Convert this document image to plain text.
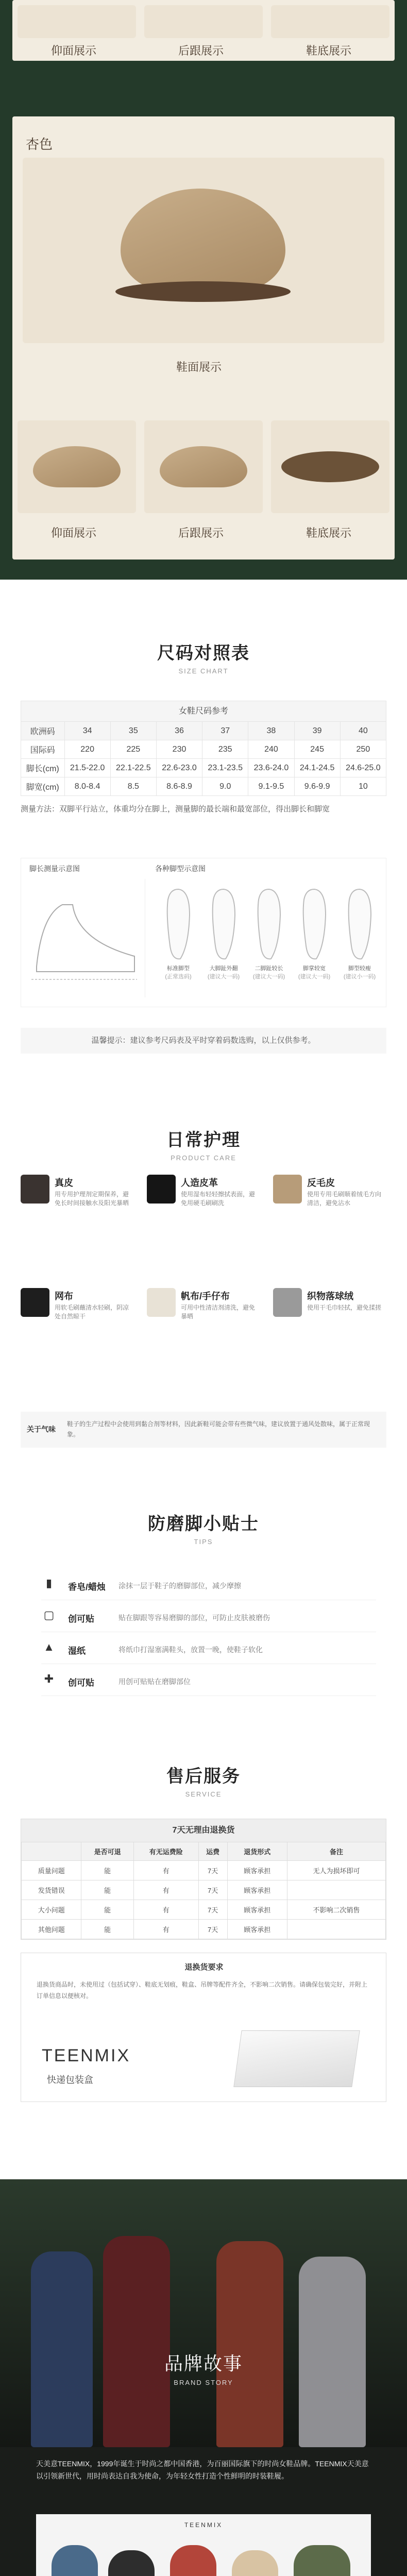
仰面展示	后跟展示	鞋底展示
杏色
鞋面展示
仰面展示	后跟展示	鞋底展示
尺码对照表
SIZE CHART
女鞋尺码参考
欧洲码	34	35	36	37	38	39	40
国际码	220	225	230	235	240	245	250
脚长(cm)	21.5-22.0	22.1-22.5	22.6-23.0	23.1-23.5	23.6-24.0	24.1-24.5	24.6-25.0
脚宽(cm)	8.0-8.4	8.5	8.6-8.9	9.0	9.1-9.5	9.6-9.9	10
测量方法：双脚平行站立，体重均分在脚上，测量脚的最长端和最宽部位，得出脚长和脚宽
脚长测量示意图	各种脚型示意图
标准脚型
(正常选码)
大脚趾外翻
(建议大一码)
二脚趾较长
(建议大一码)
脚掌较宽
(建议大一码)
脚型较瘦
(建议小一码)
温馨提示：建议参考尺码表及平时穿着码数选购，以上仅供参考。
日常护理
PRODUCT CARE
真皮
用专用护理剂定期保养，避免长时间接触水及阳光暴晒
人造皮革
使用湿布轻轻擦拭表面，避免用硬毛刷刷洗
反毛皮
使用专用毛刷顺着绒毛方向清洁，避免沾水
网布
用软毛刷蘸清水轻刷，阴凉处自然晾干
帆布/手仔布
可用中性清洁剂清洗，避免暴晒
织物落球绒
使用干毛巾轻拭，避免揉搓
关于气味
鞋子的生产过程中会使用到黏合剂等材料，因此新鞋可能会带有些微气味，建议放置于通风处散味，属于正常现象。
防磨脚小贴士
TIPS
▮	香皂/蜡烛 涂抹一层于鞋子的磨脚部位，减少摩擦
▢ 创可贴	贴在脚跟等容易磨脚的部位，可防止皮肤被磨伤
▲ 湿纸	将纸巾打湿塞满鞋头，放置一晚，使鞋子软化
✚	创可贴	用创可贴贴在磨脚部位
售后服务
SERVICE
7天无理由退换货
	是否可退	有无运费险	运费	退货形式	备注
质量问题	能	有	7天	顾客承担	无人为损坏即可
发货错误	能	有	7天	顾客承担	
大小问题	能	有	7天	顾客承担	不影响二次销售
其他问题	能	有	7天	顾客承担	
退换货要求
退换货商品时，未使用过（包括试穿）、鞋底无划痕，鞋盒、吊牌等配件齐全，不影响二次销售。请确保包装完好，并附上订单信息以便核对。
TEENMIX
快递包装盒
品牌故事
BRAND STORY
天美意TEENMIX，1999年诞生于时尚之都中国香港，为百丽国际旗下的时尚女鞋品牌。TEENMIX天美意以引领新世代，用时尚表达自我为使命，为年轻女性打造个性鲜明的时装鞋履。
TEENMIX
